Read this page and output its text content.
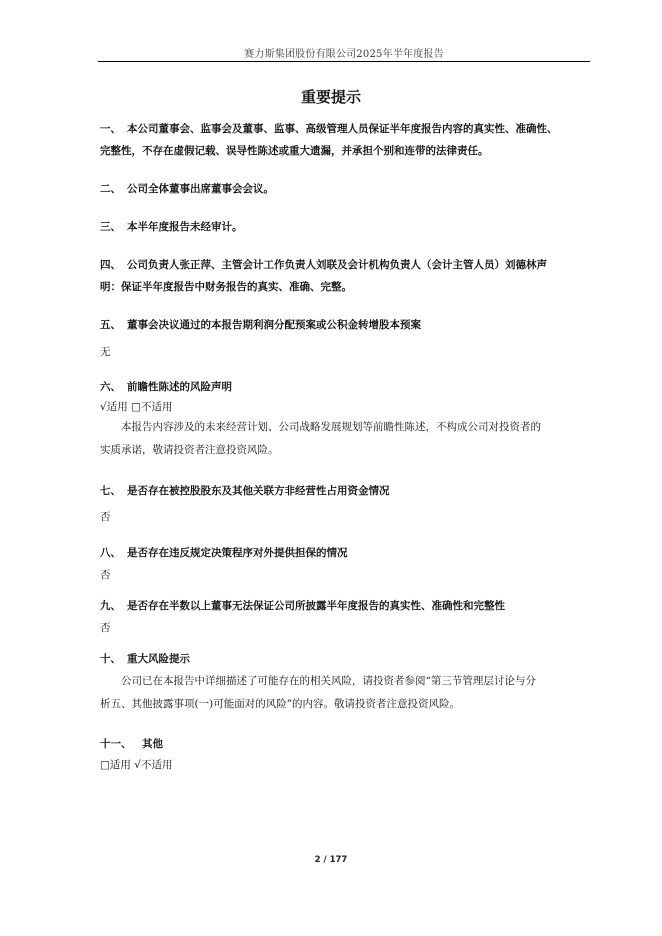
赛力斯集团股份有限公司2025年半年度报告
重要提示
一、 本公司董事会、监事会及董事、监事、高级管理人员保证半年度报告内容的真实性、准确性、
完整性，不存在虚假记载、误导性陈述或重大遗漏，并承担个别和连带的法律责任。
二、 公司全体董事出席董事会会议。
三、 本半年度报告未经审计。
四、 公司负责人张正萍、主管会计工作负责人刘联及会计机构负责人（会计主管人员）刘德林声
明：保证半年度报告中财务报告的真实、准确、完整。
五、 董事会决议通过的本报告期利润分配预案或公积金转增股本预案
无
六、 前瞻性陈述的风险声明
√适用 □不适用
本报告内容涉及的未来经营计划、公司战略发展规划等前瞻性陈述，不构成公司对投资者的
实质承诺，敬请投资者注意投资风险。
七、 是否存在被控股股东及其他关联方非经营性占用资金情况
否
八、 是否存在违反规定决策程序对外提供担保的情况
否
九、 是否存在半数以上董事无法保证公司所披露半年度报告的真实性、准确性和完整性
否
十、 重大风险提示
公司已在本报告中详细描述了可能存在的相关风险，请投资者参阅“第三节管理层讨论与分
析五、其他披露事项(一)可能面对的风险”的内容。敬请投资者注意投资风险。
十一、 其他
□适用 √不适用
2 / 177
